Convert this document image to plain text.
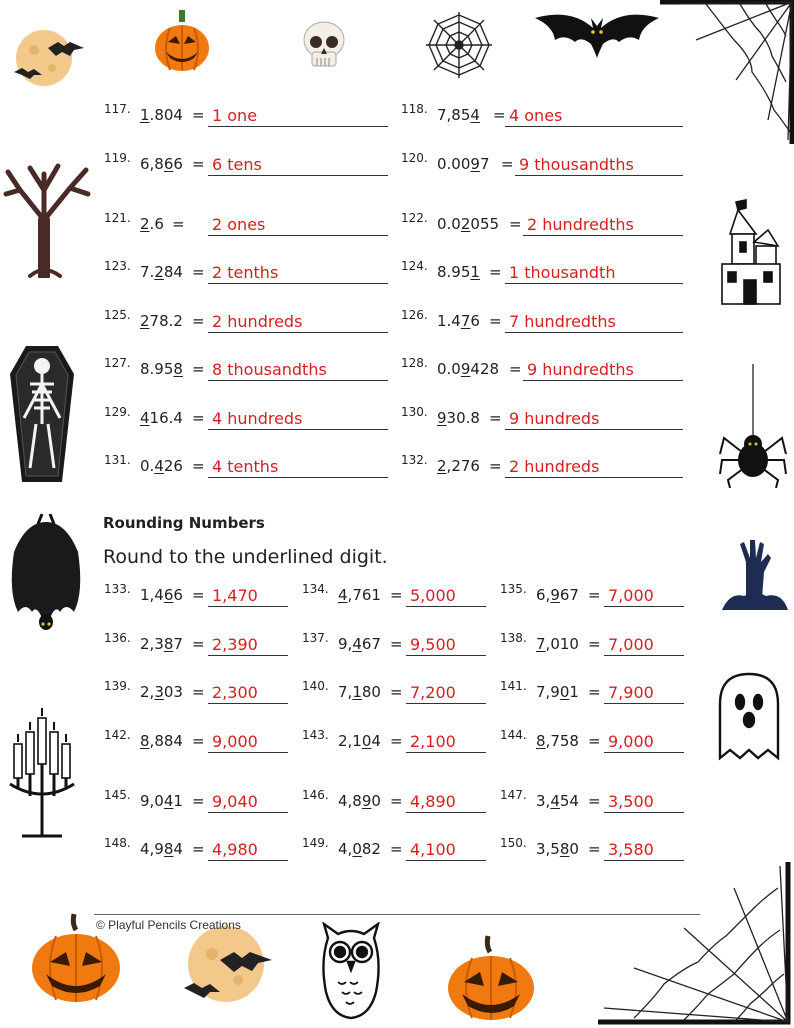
117. 1.804 = 1 one	118. 7,854 = 4 ones
119. 6,866 = 6 tens	120. 0.0097 = 9 thousandths
121. 2.6 = 2 ones	122. 0.02055 = 2 hundredths
123. 7.284 = 2 tenths	124. 8.951 = 1 thousandth
125. 278.2 = 2 hundreds	126. 1.476 = 7 hundredths
127. 8.958 = 8 thousandths	128. 0.09428 = 9 hundredths
129. 416.4 = 4 hundreds	130. 930.8 = 9 hundreds
131. 0.426 = 4 tenths	132. 2,276 = 2 hundreds
Rounding Numbers
Round to the underlined digit.
133. 1,466 = 1,470	134. 4,761 = 5,000	135. 6,967 = 7,000
136. 2,387 = 2,390	137. 9,467 = 9,500	138. 7,010 = 7,000
139. 2,303 = 2,300	140. 7,180 = 7,200	141. 7,901 = 7,900
142. 8,884 = 9,000	143. 2,104 = 2,100	144. 8,758 = 9,000
145. 9,041 = 9,040	146. 4,890 = 4,890	147. 3,454 = 3,500
148. 4,984 = 4,980	149. 4,082 = 4,100	150. 3,580 = 3,580
© Playful Pencils Creations
